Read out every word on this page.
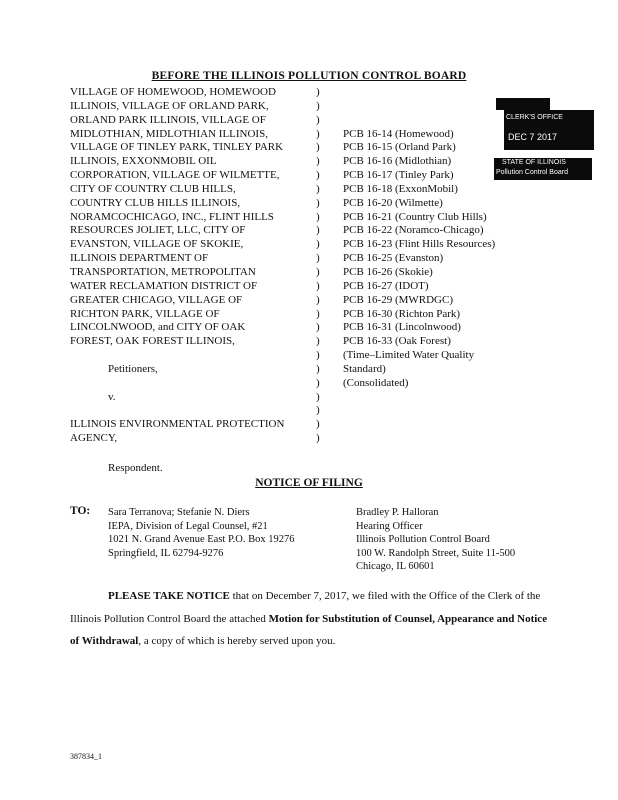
BEFORE THE ILLINOIS POLLUTION CONTROL BOARD
VILLAGE OF HOMEWOOD, HOMEWOOD	)
ILLINOIS, VILLAGE OF ORLAND PARK,	)
ORLAND PARK ILLINOIS, VILLAGE OF	)
MIDLOTHIAN, MIDLOTHIAN ILLINOIS,	) PCB 16-14 (Homewood)
VILLAGE OF TINLEY PARK, TINLEY PARK	) PCB 16-15 (Orland Park)
ILLINOIS, EXXONMOBIL OIL	) PCB 16-16 (Midlothian)
CORPORATION, VILLAGE OF WILMETTE,	) PCB 16-17 (Tinley Park)
CITY OF COUNTRY CLUB HILLS,	) PCB 16-18 (ExxonMobil)
COUNTRY CLUB HILLS ILLINOIS,	) PCB 16-20 (Wilmette)
NORAMCOCHICAGO, INC., FLINT HILLS	) PCB 16-21 (Country Club Hills)
RESOURCES JOLIET, LLC, CITY OF	) PCB 16-22 (Noramco-Chicago)
EVANSTON, VILLAGE OF SKOKIE,	) PCB 16-23 (Flint Hills Resources)
ILLINOIS DEPARTMENT OF	) PCB 16-25 (Evanston)
TRANSPORTATION, METROPOLITAN	) PCB 16-26 (Skokie)
WATER RECLAMATION DISTRICT OF	) PCB 16-27 (IDOT)
GREATER CHICAGO, VILLAGE OF	) PCB 16-29 (MWRDGC)
RICHTON PARK, VILLAGE OF	) PCB 16-30 (Richton Park)
LINCOLNWOOD, and CITY OF OAK	) PCB 16-31 (Lincolnwood)
FOREST, OAK FOREST ILLINOIS,	) PCB 16-33 (Oak Forest)
) (Time–Limited Water Quality
Petitioners,	) Standard)
) (Consolidated)
v.	)
)
ILLINOIS ENVIRONMENTAL PROTECTION	)
AGENCY,	)
Respondent.
NOTICE OF FILING
TO: Sara Terranova; Stefanie N. Diers
IEPA, Division of Legal Counsel, #21
1021 N. Grand Avenue East P.O. Box 19276
Springfield, IL 62794-9276
Bradley P. Halloran
Hearing Officer
Illinois Pollution Control Board
100 W. Randolph Street, Suite 11-500
Chicago, IL 60601

PLEASE TAKE NOTICE that on December 7, 2017, we filed with the Office of the Clerk of the Illinois Pollution Control Board the attached Motion for Substitution of Counsel, Appearance and Notice of Withdrawal, a copy of which is hereby served upon you.

CLERK'S OFFICE
DEC 7 2017
STATE OF ILLINOIS
Pollution Control Board
387834_1
